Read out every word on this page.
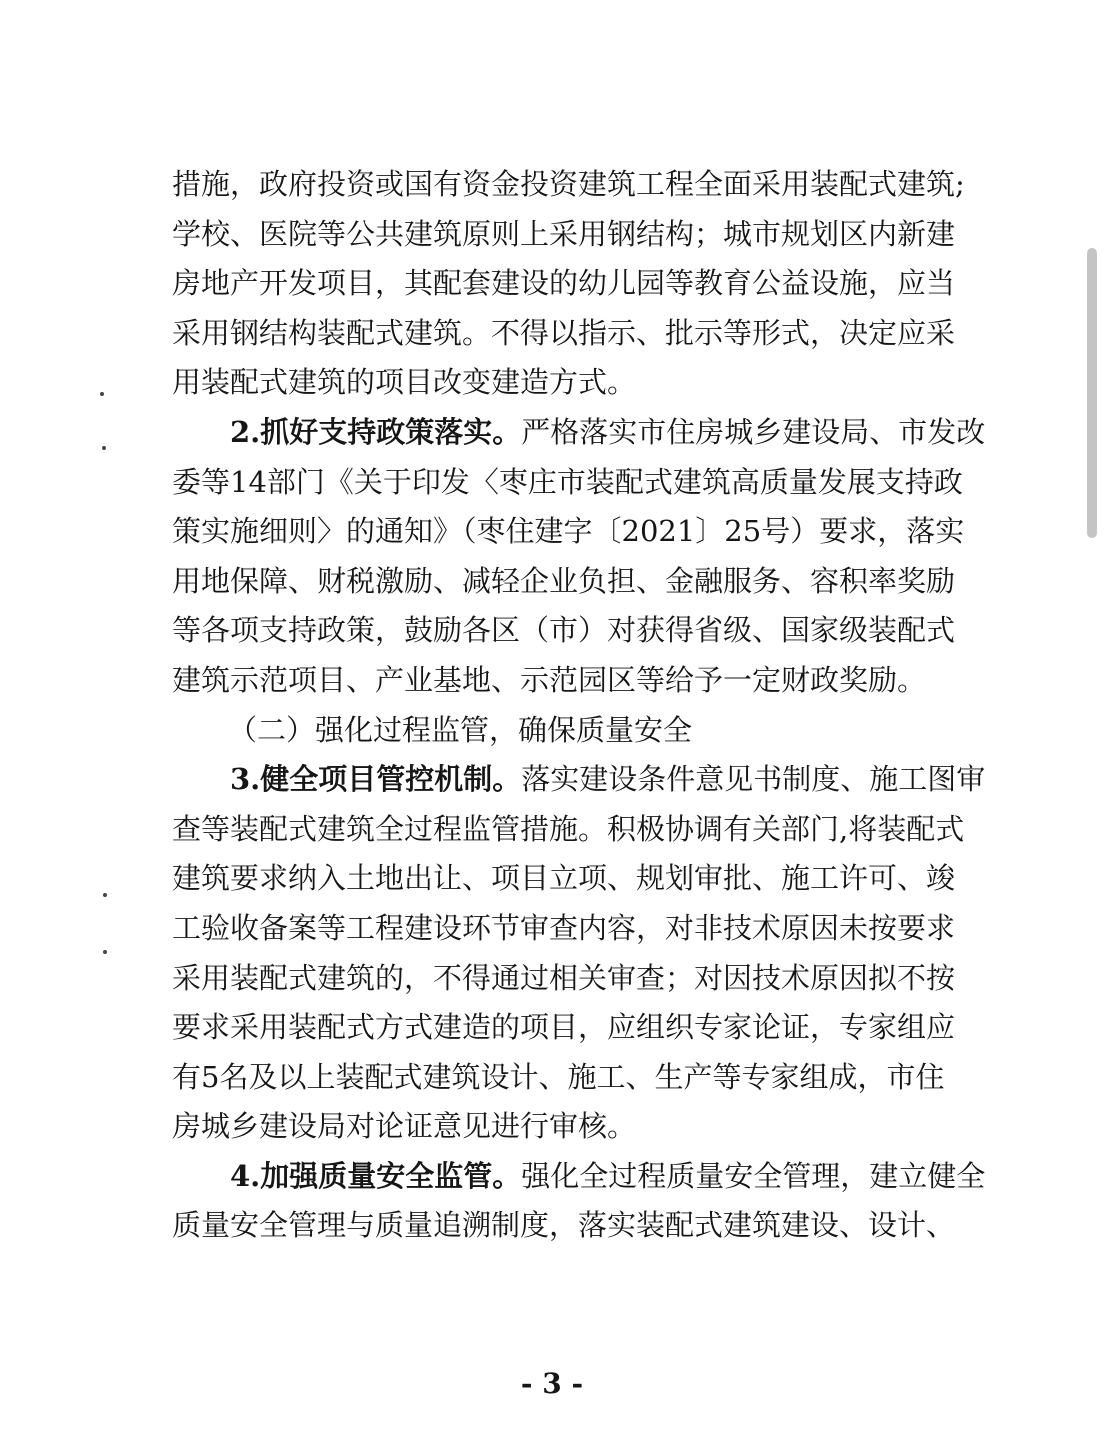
措施，政府投资或国有资金投资建筑工程全面采用装配式建筑;
学校、医院等公共建筑原则上采用钢结构；城市规划区内新建
房地产开发项目，其配套建设的幼儿园等教育公益设施，应当
采用钢结构装配式建筑。不得以指示、批示等形式，决定应采
用装配式建筑的项目改变建造方式。
2.抓好支持政策落实。严格落实市住房城乡建设局、市发改
委等14部门《关于印发〈枣庄市装配式建筑高质量发展支持政
策实施细则〉的通知》（枣住建字〔2021〕25号）要求，落实
用地保障、财税激励、减轻企业负担、金融服务、容积率奖励
等各项支持政策，鼓励各区（市）对获得省级、国家级装配式
建筑示范项目、产业基地、示范园区等给予一定财政奖励。
（二）强化过程监管，确保质量安全
3.健全项目管控机制。落实建设条件意见书制度、施工图审
查等装配式建筑全过程监管措施。积极协调有关部门,将装配式
建筑要求纳入土地出让、项目立项、规划审批、施工许可、竣
工验收备案等工程建设环节审查内容，对非技术原因未按要求
采用装配式建筑的，不得通过相关审查；对因技术原因拟不按
要求采用装配式方式建造的项目，应组织专家论证，专家组应
有5名及以上装配式建筑设计、施工、生产等专家组成，市住
房城乡建设局对论证意见进行审核。
4.加强质量安全监管。强化全过程质量安全管理，建立健全
质量安全管理与质量追溯制度，落实装配式建筑建设、设计、
- 3 -
